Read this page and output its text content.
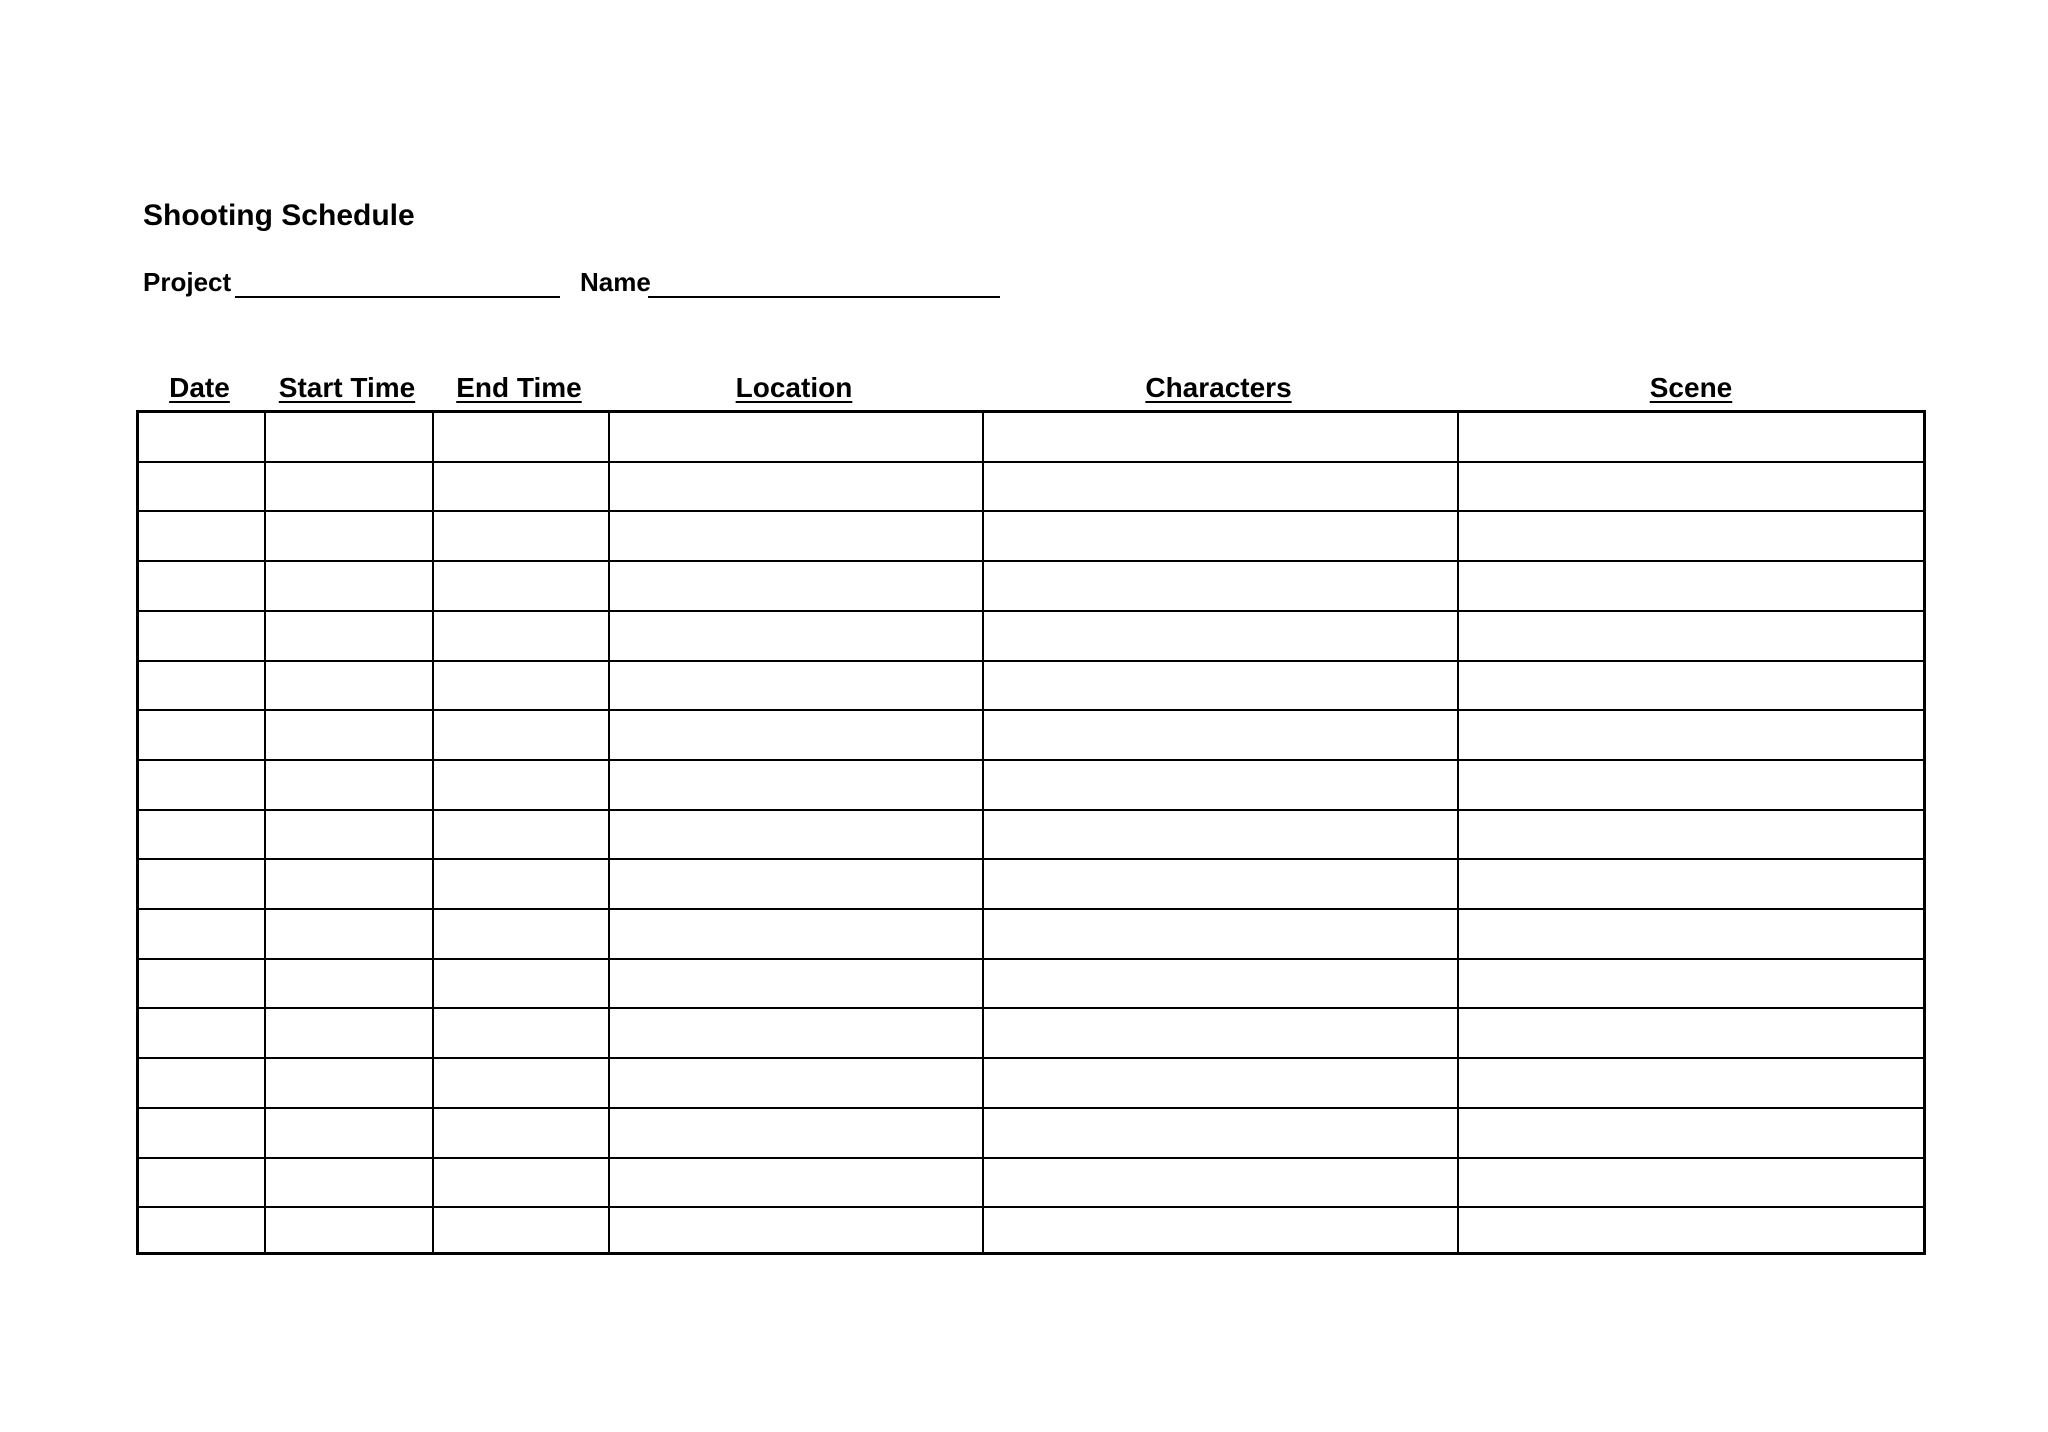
Shooting Schedule
Project	Name
Date	Start Time	End Time	Location	Characters	Scene
